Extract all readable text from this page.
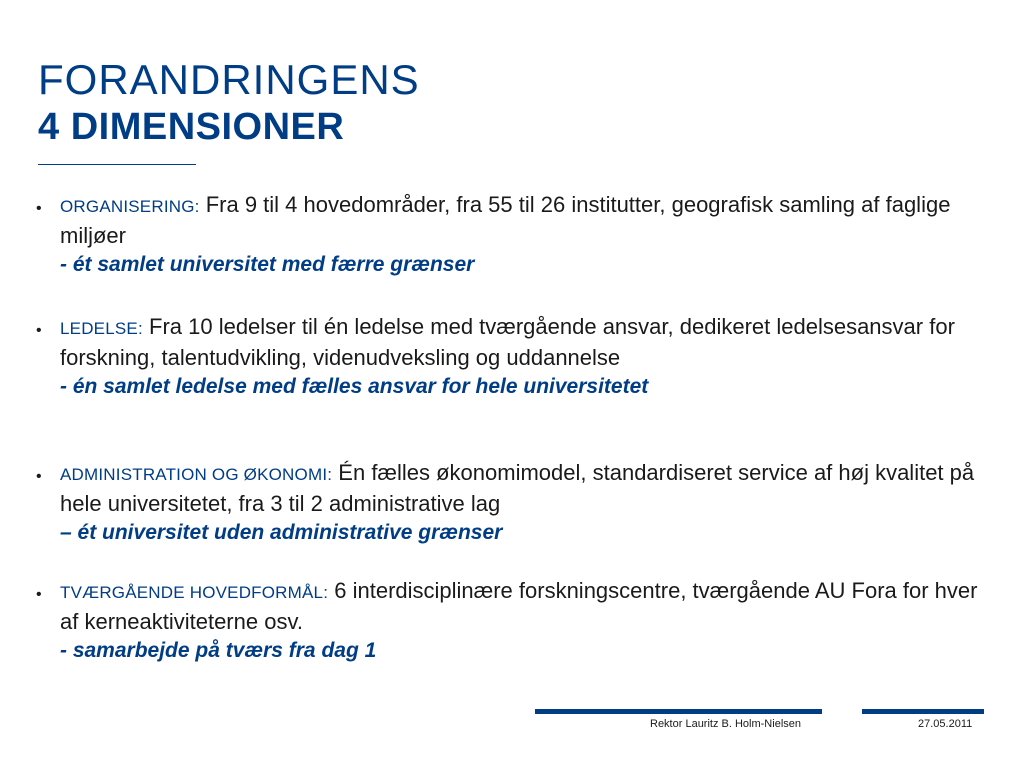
FORANDRINGENS
4 DIMENSIONER
• ORGANISERING: Fra 9 til 4 hovedområder, fra 55 til 26 institutter, geografisk samling af faglige miljøer
- ét samlet universitet med færre grænser
• LEDELSE: Fra 10 ledelser til én ledelse med tværgående ansvar, dedikeret ledelsesansvar for forskning, talentudvikling, videnudveksling og uddannelse
- én samlet ledelse med fælles ansvar for hele universitetet
• ADMINISTRATION OG ØKONOMI: Én fælles økonomimodel, standardiseret service af høj kvalitet på hele universitetet, fra 3 til 2 administrative lag
– ét universitet uden administrative grænser
• TVÆRGÅENDE HOVEDFORMÅL: 6 interdisciplinære forskningscentre, tværgående AU Fora for hver af kerneaktiviteterne osv.
- samarbejde på tværs fra dag 1
Rektor Lauritz B. Holm-Nielsen	27.05.2011
